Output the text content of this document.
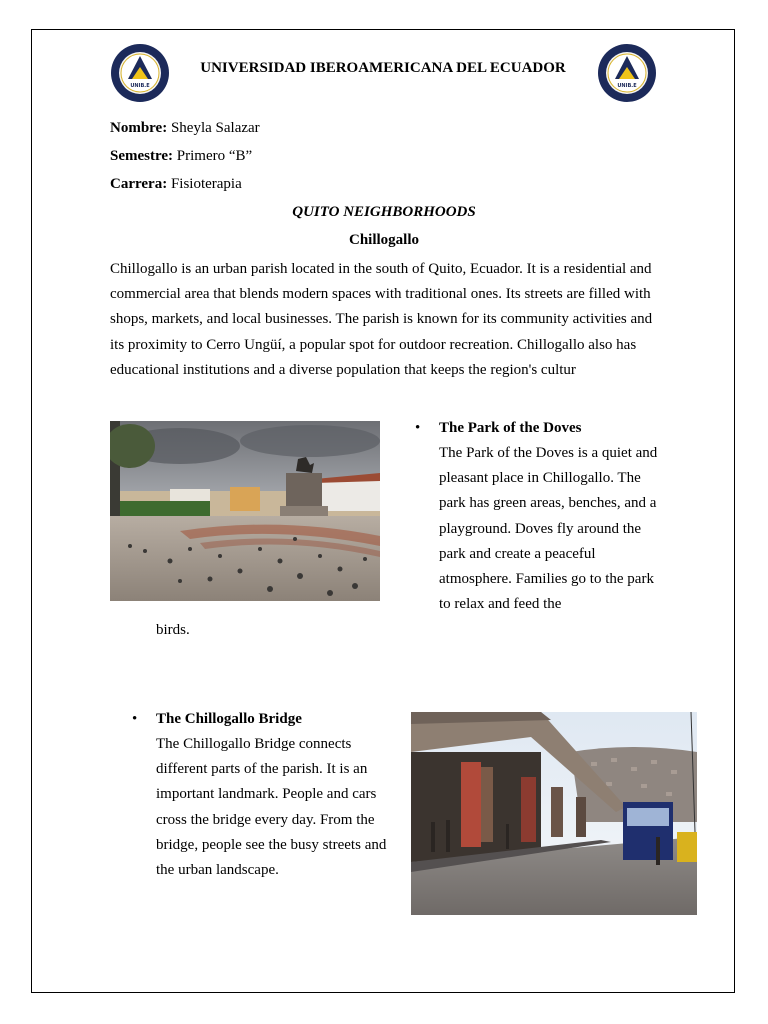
UNIB.E
UNIVERSIDAD IBEROAMERICANA DEL ECUADOR
UNIB.E
Nombre: Sheyla Salazar
Semestre: Primero “B”
Carrera: Fisioterapia
QUITO NEIGHBORHOODS
Chillogallo

Chillogallo is an urban parish located in the south of Quito, Ecuador. It is a residential and commercial area that blends modern spaces with traditional ones. Its streets are filled with shops, markets, and local businesses. The parish is known for its community activities and its proximity to Cerro Ungüí, a popular spot for outdoor recreation. Chillogallo also has educational institutions and a diverse population that keeps the region's cultur

• The Park of the Doves

The Park of the Doves is a quiet and pleasant place in Chillogallo. The park has green areas, benches, and a playground. Doves fly around the park and create a peaceful atmosphere. Families go to the park to relax and feed the

birds.
• The Chillogallo Bridge

The Chillogallo Bridge connects different parts of the parish. It is an important landmark. People and cars cross the bridge every day. From the bridge, people see the busy streets and the urban landscape.
